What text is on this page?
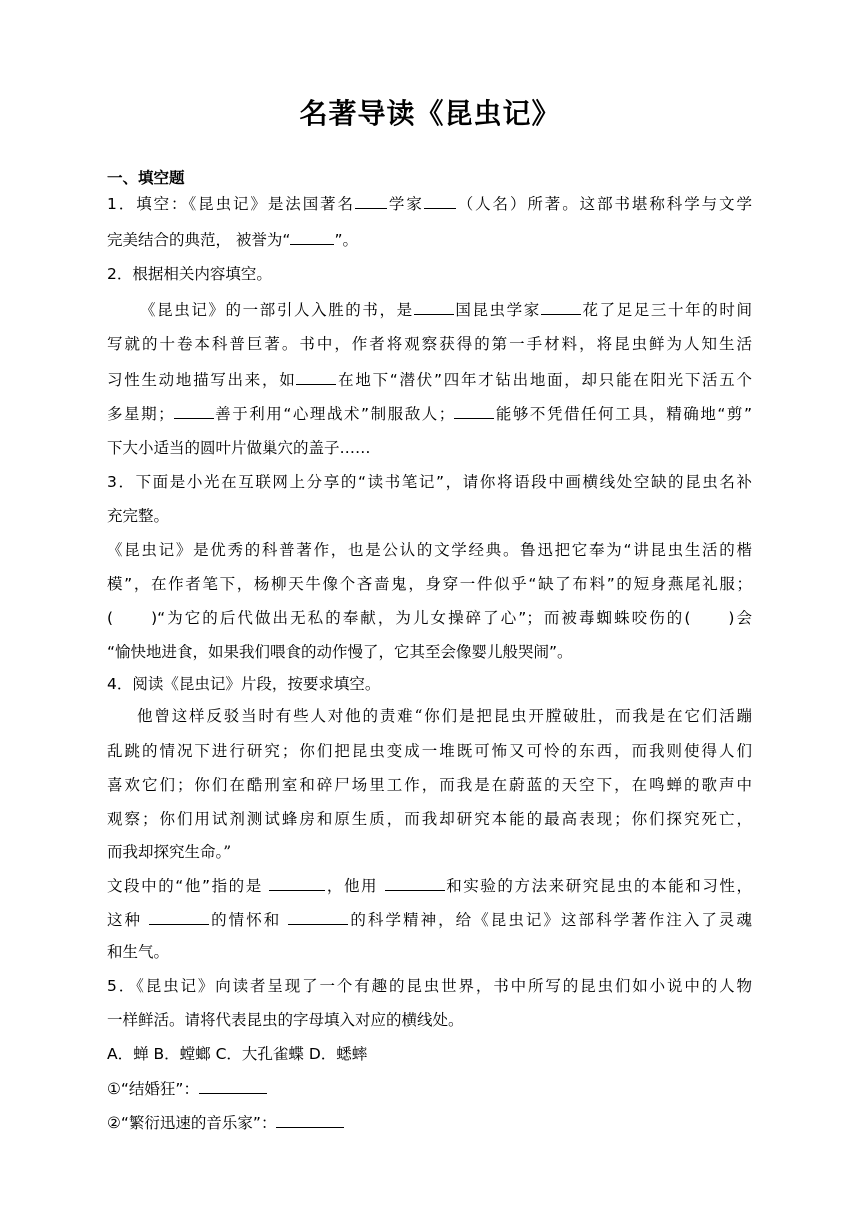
名著导读《昆虫记》
一、填空题
1．填空：《昆虫记》是法国著名 学家 （人名）所著。这部书堪称科学与文学
完美结合的典范， 被誉为“	”。
2．根据相关内容填空。
《昆虫记》的一部引人入胜的书，是	国昆虫学家	花了足足三十年的时间
写就的十卷本科普巨著。书中，作者将观察获得的第一手材料，将昆虫鲜为人知生活
习性生动地描写出来，如	在地下“潜伏”四年才钻出地面，却只能在阳光下活五个
多星期；	善于利用“心理战术”制服敌人；	能够不凭借任何工具，精确地“剪”
下大小适当的圆叶片做巢穴的盖子……
3．下面是小光在互联网上分享的“读书笔记”，请你将语段中画横线处空缺的昆虫名补
充完整。
《昆虫记》是优秀的科普著作，也是公认的文学经典。鲁迅把它奉为“讲昆虫生活的楷
模”，在作者笔下，杨柳天牛像个吝啬鬼，身穿一件似乎“缺了布料”的短身燕尾礼服；
( )“为它的后代做出无私的奉献，为儿女操碎了心”；而被毒蜘蛛咬伤的( )会
“愉快地进食，如果我们喂食的动作慢了，它其至会像婴儿般哭闹”。
4．阅读《昆虫记》片段，按要求填空。
他曾这样反驳当时有些人对他的责难“你们是把昆虫开膛破肚，而我是在它们活蹦
乱跳的情况下进行研究；你们把昆虫变成一堆既可怖又可怜的东西，而我则使得人们
喜欢它们；你们在酷刑室和碎尸场里工作，而我是在蔚蓝的天空下，在鸣蝉的歌声中
观察；你们用试剂测试蜂房和原生质，而我却研究本能的最高表现；你们探究死亡，
而我却探究生命。”
文段中的“他”指的是	，他用	和实验的方法来研究昆虫的本能和习性，
这种	的情怀和	的科学精神，给《昆虫记》这部科学著作注入了灵魂
和生气。
5．《昆虫记》向读者呈现了一个有趣的昆虫世界，书中所写的昆虫们如小说中的人物
一样鲜活。请将代表昆虫的字母填入对应的横线处。
A．蝉 B．螳螂 C．大孔雀蝶 D．蟋蟀
①“结婚狂”：
②“繁衍迅速的音乐家”：
